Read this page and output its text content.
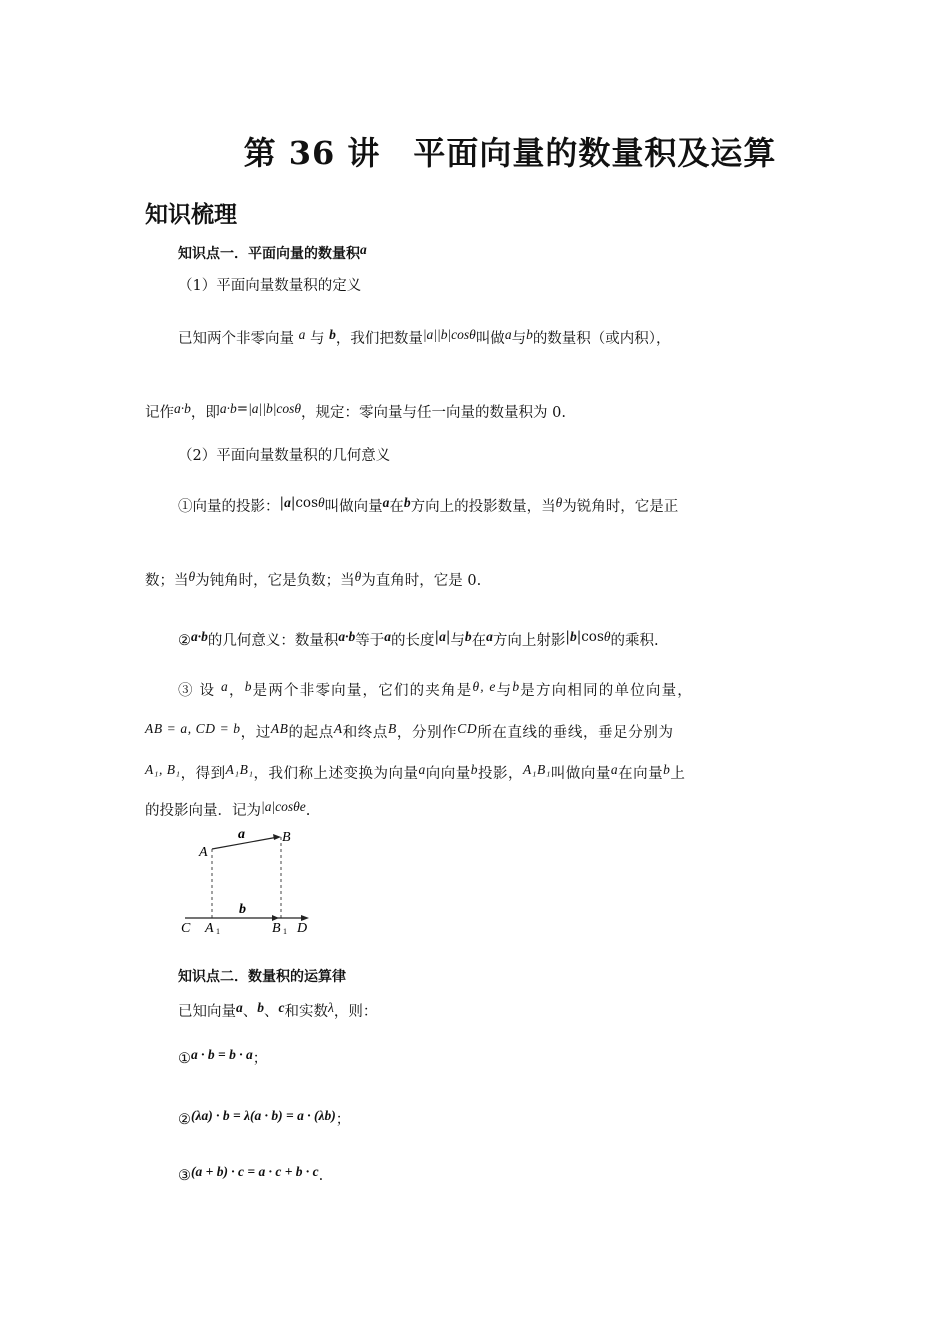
第 36 讲　平面向量的数量积及运算
知识梳理
知识点一．平面向量的数量积a
（1）平面向量数量积的定义
已知两个非零向量 a 与 b，我们把数量|a||b|cosθ叫做a与b的数量积（或内积），
记作a·b，即a·b=|a||b|cosθ，规定：零向量与任一向量的数量积为 0.
（2）平面向量数量积的几何意义
①向量的投影：|a|cosθ叫做向量a在b方向上的投影数量，当θ为锐角时，它是正
数；当θ为钝角时，它是负数；当θ为直角时，它是 0.
②a·b的几何意义：数量积a·b等于a的长度|a|与b在a方向上射影|b|cosθ的乘积.
③ 设 a，b是两个非零向量，它们的夹角是θ, e与b是方向相同的单位向量，
AB = a, CD = b，过AB的起点A和终点B，分别作CD所在直线的垂线，垂足分别为
A₁, B₁，得到A₁B₁，我们称上述变换为向量a向向量b投影，A₁B₁叫做向量a在向量b上
的投影向量．记为|a|cosθe.
A
B
a
b
C A 1	B 1 D
知识点二．数量积的运算律
已知向量a、b、c和实数λ，则：
①a · b = b · a；
②(λa) · b = λ(a · b) = a · (λb)；
③(a + b) · c = a · c + b · c.
